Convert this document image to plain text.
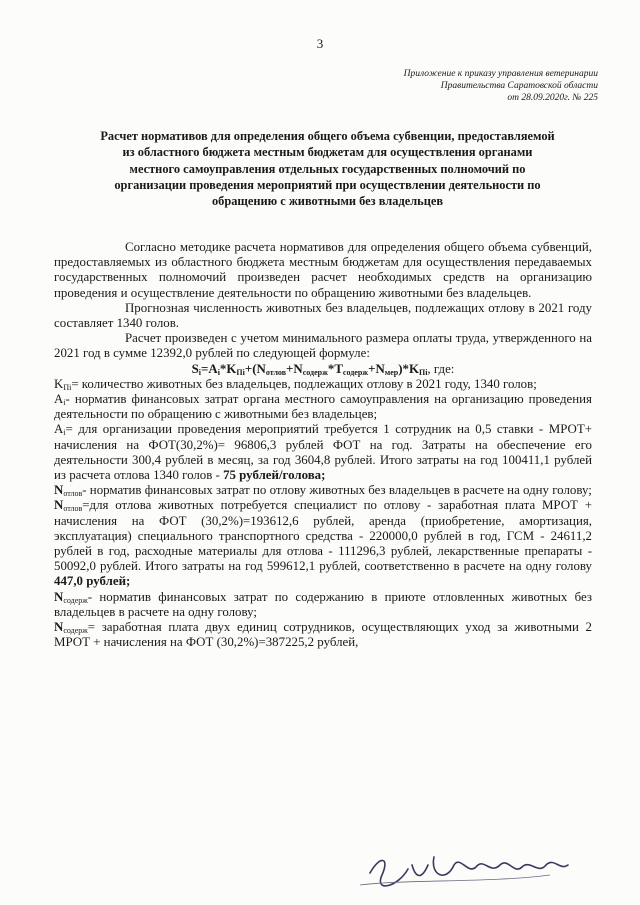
3
Приложение к приказу управления ветеринарии
Правительства Саратовской области
от 28.09.2020г. № 225
Расчет нормативов для определения общего объема субвенции, предоставляемой из областного бюджета местным бюджетам для осуществления органами местного самоуправления отдельных государственных полномочий по организации проведения мероприятий при осуществлении деятельности по обращению с животными без владельцев

Согласно методике расчета нормативов для определения общего объема субвенций, предоставляемых из областного бюджета местным бюджетам для осуществления передаваемых государственных полномочий произведен расчет необходимых средств на организацию проведения и осуществление деятельности по обращению животными без владельцев.

Прогнозная численность животных без владельцев, подлежащих отлову в 2021 году составляет 1340 голов.

Расчет произведен с учетом минимального размера оплаты труда, утвержденного на 2021 год в сумме 12392,0 рублей по следующей формуле:

$S_i=A_i*K_{Пi}+(N_{отлов}+N_{содерж}*T_{содерж}+N_{мер})*K_{Пi}$, где:

$K_{Пi}=$ количество животных без владельцев, подлежащих отлову в 2021 году, 1340 голов;

$A_i-$ норматив финансовых затрат органа местного самоуправления на организацию проведения деятельности по обращению с животными без владельцев;

$A_i=$ для организации проведения мероприятий требуется 1 сотрудник на 0,5 ставки - МРОТ+ начисления на ФОТ(30,2%)= 96806,3 рублей ФОТ на год. Затраты на обеспечение его деятельности 300,4 рублей в месяц, за год 3604,8 рублей. Итого затраты на год 100411,1 рублей из расчета отлова 1340 голов - 75 рублей/голова;

$N_{отлов}-$ норматив финансовых затрат по отлову животных без владельцев в расчете на одну голову;

$N_{отлов}=для$ отлова животных потребуется специалист по отлову - заработная плата МРОТ + начисления на ФОТ (30,2%)=193612,6 рублей, аренда (приобретение, амортизация, эксплуатация) специального транспортного средства - 220000,0 рублей в год, ГСМ - 24611,2 рублей в год, расходные материалы для отлова - 111296,3 рублей, лекарственные препараты - 50092,0 рублей. Итого затраты на год 599612,1 рублей, соответственно в расчете на одну голову 447,0 рублей;

$N_{содерж}-$ норматив финансовых затрат по содержанию в приюте отловленных животных без владельцев в расчете на одну голову;

$N_{содерж}=$ заработная плата двух единиц сотрудников, осуществляющих уход за животными 2 МРОТ + начисления на ФОТ (30,2%)=387225,2 рублей,
